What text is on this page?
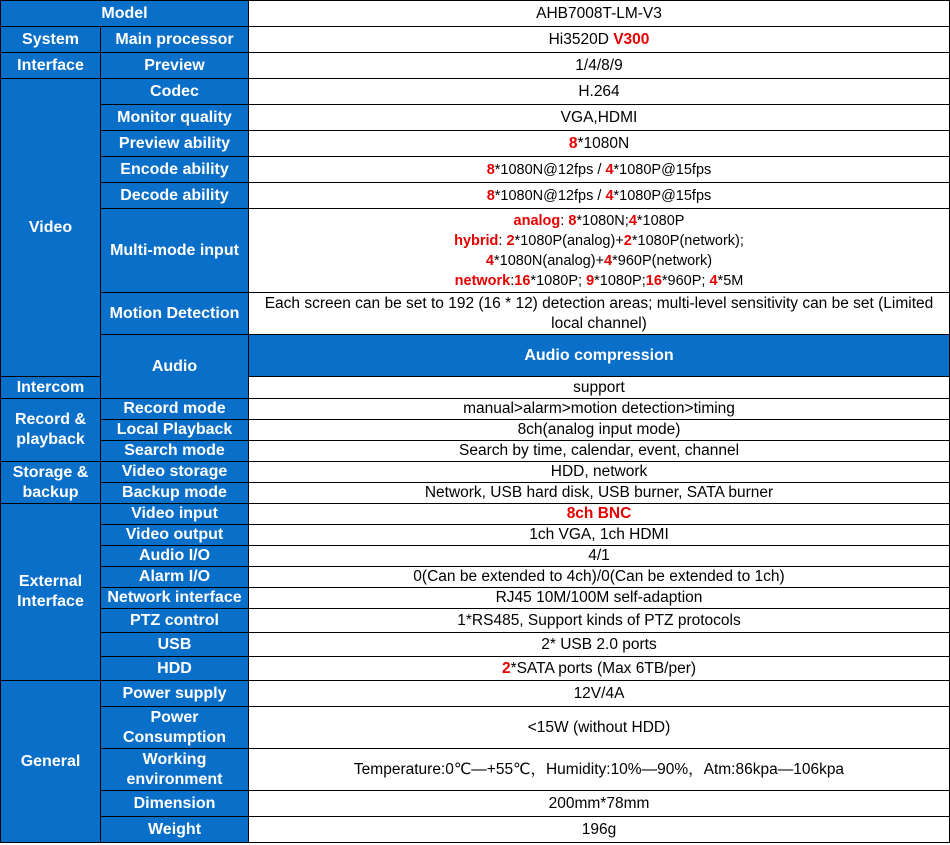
Model		AHB7008T-LM-V3	
System	Main processor	Hi3520D V300	
Interface	Preview	1/4/8/9	
Video	Codec	H.264	
	Monitor quality	VGA,HDMI	
	Preview ability	8*1080N	
	Encode ability	8*1080N@12fps / 4*1080P@15fps	
	Decode ability	8*1080N@12fps / 4*1080P@15fps	
	Multi-mode input	analog: 8*1080N;4*1080P
hybrid: 2*1080P(analog)+2*1080P(network);
4*1080N(analog)+4*960P(network)
network:16*1080P; 9*1080P;16*960P; 4*5M	

	Motion Detection	Each screen can be set to 192 (16 * 12) detection areas; multi-level sensitivity can be set (Limited local channel)	
	Audio	Audio compression	
Intercom		support	
Record & playback	Record mode	manual>alarm>motion detection>timing	
	Local Playback	8ch(analog input mode)	
	Search mode	Search by time, calendar, event, channel	
Storage & backup	Video storage	HDD, network	
	Backup mode	Network, USB hard disk, USB burner, SATA burner	
External Interface	Video input	8ch BNC	
	Video output	1ch VGA, 1ch HDMI	
	Audio I/O	4/1	
	Alarm I/O	0(Can be extended to 4ch)/0(Can be extended to 1ch)	
	Network interface	RJ45 10M/100M self-adaption	
	PTZ control	1*RS485, Support kinds of PTZ protocols	
	USB	2* USB 2.0 ports	
	HDD	2*SATA ports (Max 6TB/per)	
General	Power supply	12V/4A	
	Power Consumption	<15W (without HDD)	
	Working environment	Temperature:0℃—+55℃，Humidity:10%—90%，Atm:86kpa—106kpa	
	Dimension	200mm*78mm	
	Weight	196g	
